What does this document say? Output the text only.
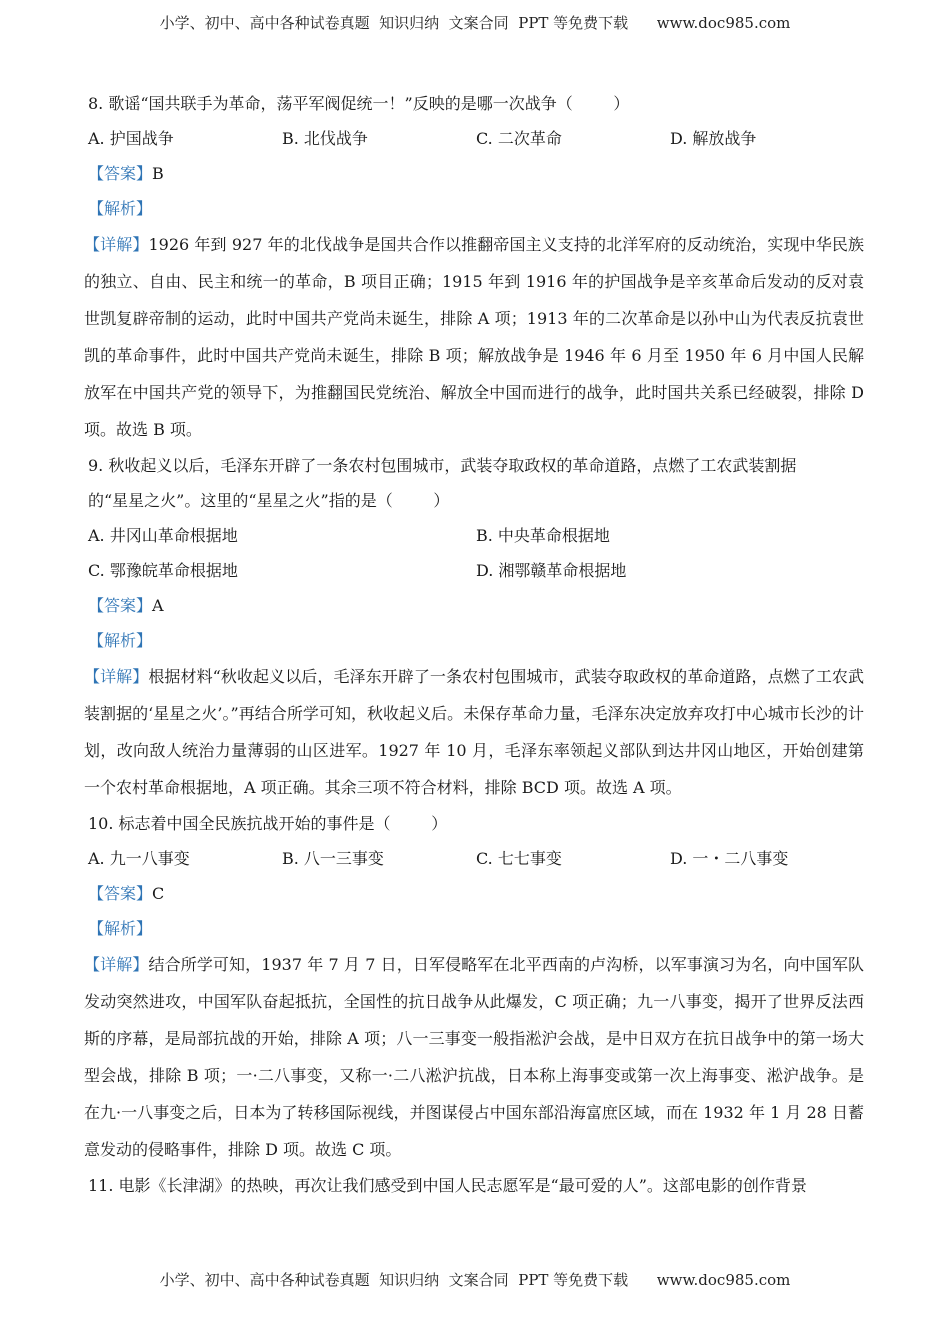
小学、初中、高中各种试卷真题  知识归纳  文案合同  PPT 等免费下载      www.doc985.com
8. 歌谣“国共联手为革命，荡平军阀促统一！”反映的是哪一次战争（        ）
A. 护国战争	B. 北伐战争	C. 二次革命	D. 解放战争
【答案】B
【解析】
【详解】1926 年到 927 年的北伐战争是国共合作以推翻帝国主义支持的北洋军府的反动统治，实现中华民族的独立、自由、民主和统一的革命，B 项目正确；1915 年到 1916 年的护国战争是辛亥革命后发动的反对袁世凯复辟帝制的运动，此时中国共产党尚未诞生，排除 A 项；1913 年的二次革命是以孙中山为代表反抗袁世凯的革命事件，此时中国共产党尚未诞生，排除 B 项；解放战争是 1946 年 6 月至 1950 年 6 月中国人民解放军在中国共产党的领导下，为推翻国民党统治、解放全中国而进行的战争，此时国共关系已经破裂，排除 D 项。故选 B 项。
9. 秋收起义以后，毛泽东开辟了一条农村包围城市，武装夺取政权的革命道路，点燃了工农武装割据
的“星星之火”。这里的“星星之火”指的是（        ）
A. 井冈山革命根据地	B. 中央革命根据地
C. 鄂豫皖革命根据地	D. 湘鄂赣革命根据地
【答案】A
【解析】
【详解】根据材料“秋收起义以后，毛泽东开辟了一条农村包围城市，武装夺取政权的革命道路，点燃了工农武装割据的‘星星之火’。”再结合所学可知，秋收起义后。未保存革命力量，毛泽东决定放弃攻打中心城市长沙的计划，改向敌人统治力量薄弱的山区进军。1927 年 10 月，毛泽东率领起义部队到达井冈山地区，开始创建第一个农村革命根据地，A 项正确。其余三项不符合材料，排除 BCD 项。故选 A 项。
10. 标志着中国全民族抗战开始的事件是（        ）
A. 九一八事变	B. 八一三事变	C. 七七事变	D. 一・二八事变
【答案】C
【解析】
【详解】结合所学可知，1937 年 7 月 7 日，日军侵略军在北平西南的卢沟桥，以军事演习为名，向中国军队发动突然进攻，中国军队奋起抵抗，全国性的抗日战争从此爆发，C 项正确；九一八事变，揭开了世界反法西斯的序幕，是局部抗战的开始，排除 A 项；八一三事变一般指淞沪会战，是中日双方在抗日战争中的第一场大型会战，排除 B 项；一·二八事变，又称一·二八淞沪抗战，日本称上海事变或第一次上海事变、淞沪战争。是在九·一八事变之后，日本为了转移国际视线，并图谋侵占中国东部沿海富庶区域，而在 1932 年 1 月 28 日蓄意发动的侵略事件，排除 D 项。故选 C 项。
11. 电影《长津湖》的热映，再次让我们感受到中国人民志愿军是“最可爱的人”。这部电影的创作背景
小学、初中、高中各种试卷真题  知识归纳  文案合同  PPT 等免费下载      www.doc985.com
